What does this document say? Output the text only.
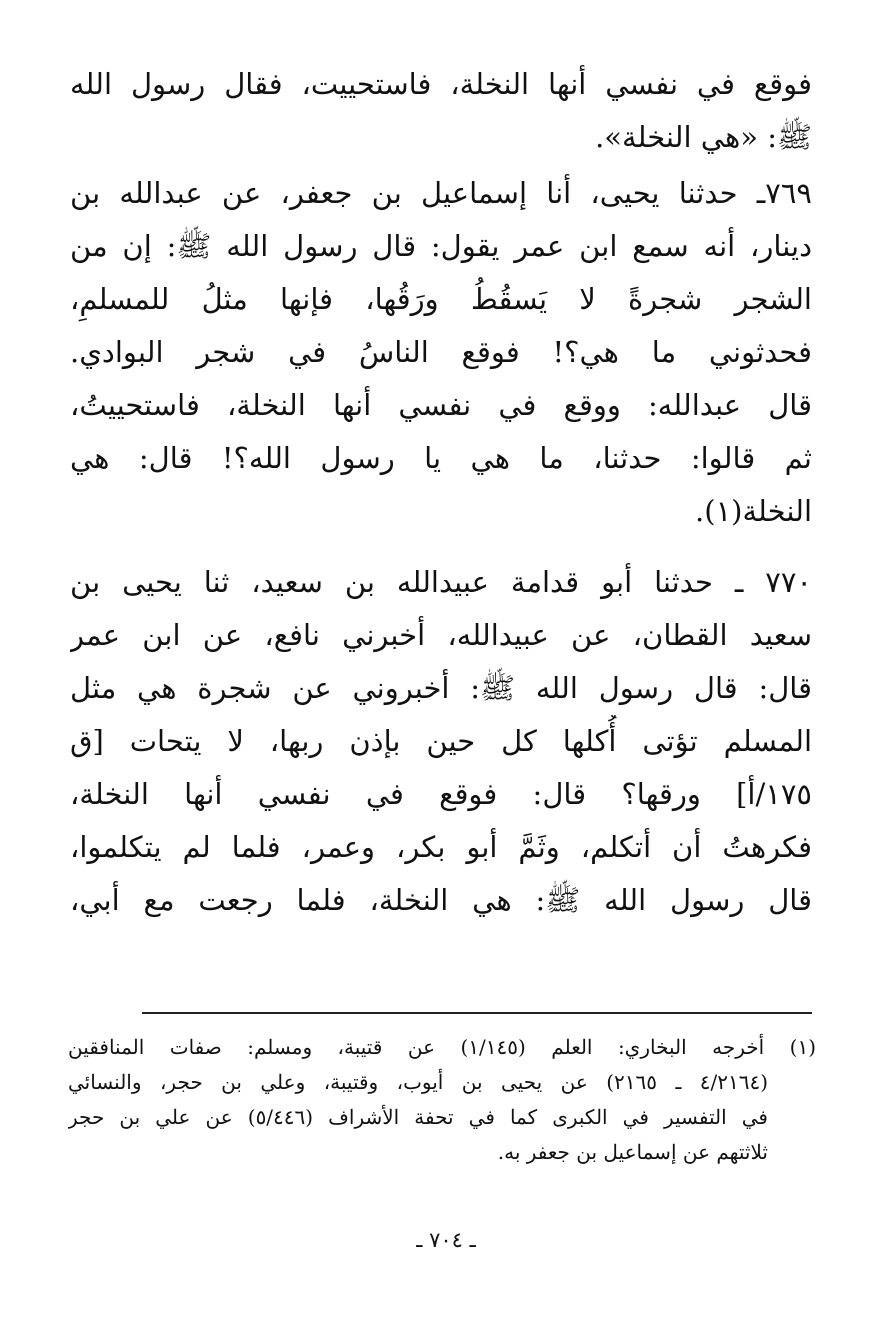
فوقع في نفسي أنها النخلة، فاستحييت، فقال رسول الله
ﷺ: «هي النخلة».
٧٦٩ـ حدثنا يحيى، أنا إسماعيل بن جعفر، عن عبدالله بن
دينار، أنه سمع ابن عمر يقول: قال رسول الله ﷺ: إن من
الشجر شجرةً لا يَسقُطُ ورَقُها، فإنها مثلُ للمسلمِ،
فحدثوني ما هي؟! فوقع الناسُ في شجر البوادي.
قال عبدالله: ووقع في نفسي أنها النخلة، فاستحييتُ،
ثم قالوا: حدثنا، ما هي يا رسول الله؟! قال: هي
النخلة(١).
٧٧٠ ـ حدثنا أبو قدامة عبيدالله بن سعيد، ثنا يحيى بن
سعيد القطان، عن عبيدالله، أخبرني نافع، عن ابن عمر
قال: قال رسول الله ﷺ: أخبروني عن شجرة هي مثل
المسلم تؤتى أُكلها كل حين بإذن ربها، لا يتحات [ق
١٧٥/أ] ورقها؟ قال: فوقع في نفسي أنها النخلة،
فكرهتُ أن أتكلم، وثَمَّ أبو بكر، وعمر، فلما لم يتكلموا،
قال رسول الله ﷺ: هي النخلة، فلما رجعت مع أبي،
(١) أخرجه البخاري: العلم (١/١٤٥) عن قتيبة، ومسلم: صفات المنافقين
(٤/٢١٦٤ ـ ٢١٦٥) عن يحيى بن أيوب، وقتيبة، وعلي بن حجر، والنسائي
في التفسير في الكبرى كما في تحفة الأشراف (٥/٤٤٦) عن علي بن حجر
ثلاثتهم عن إسماعيل بن جعفر به.
ـ ٧٠٤ ـ
